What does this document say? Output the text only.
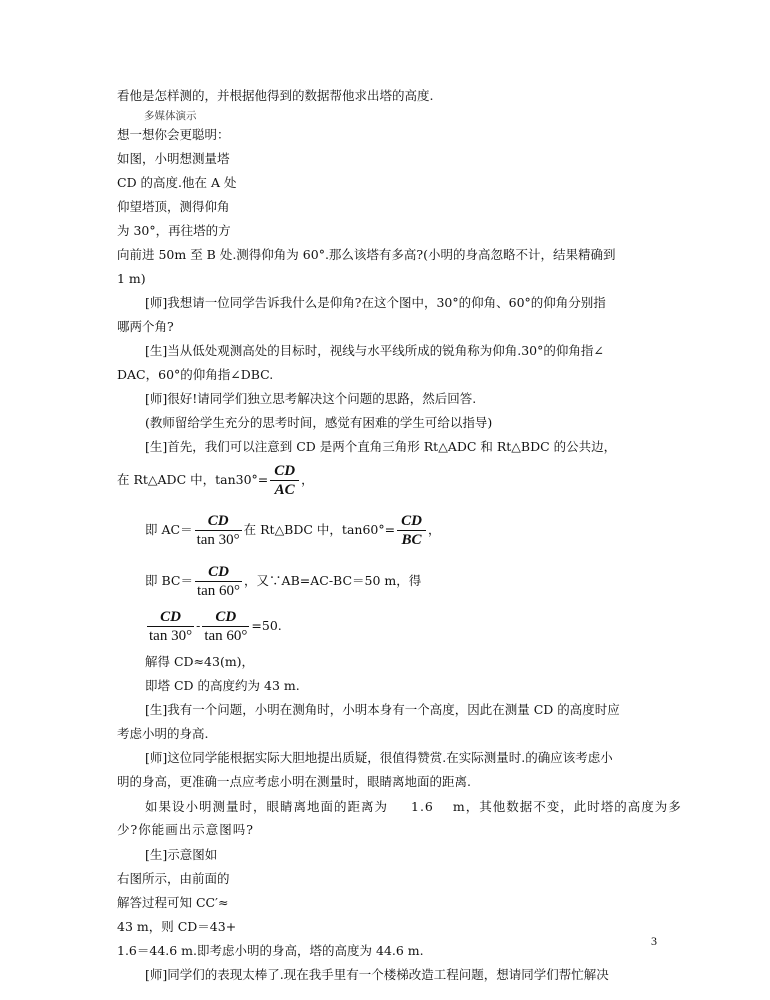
看他是怎样测的，并根据他得到的数据帮他求出塔的高度.
多媒体演示
想一想你会更聪明：
如图，小明想测量塔
CD 的高度.他在 A 处
仰望塔顶，测得仰角
为 30°，再往塔的方
向前进 50m 至 B 处.测得仰角为 60°.那么该塔有多高?(小明的身高忽略不计，结果精确到
1 m)
[师]我想请一位同学告诉我什么是仰角?在这个图中，30°的仰角、60°的仰角分别指
哪两个角?
[生]当从低处观测高处的目标时，视线与水平线所成的锐角称为仰角.30°的仰角指∠
DAC，60°的仰角指∠DBC.
[师]很好!请同学们独立思考解决这个问题的思路，然后回答.
(教师留给学生充分的思考时间，感觉有困难的学生可给以指导)
[生]首先，我们可以注意到 CD 是两个直角三角形 Rt△ADC 和 Rt△BDC 的公共边，
在 Rt△ADC 中，$\tan 30^\circ= \frac{CD}{AC}$ ，
即 $AC= \frac{CD}{\tan 30^\circ}$ 在 Rt△BDC 中，$\tan 60^\circ= \frac{CD}{BC}$ ，
即 $BC= \frac{CD}{\tan 60^\circ}$ ，又∵AB=AC-BC＝50 m，得
$\frac{CD}{\tan 30^\circ} - \frac{CD}{\tan 60^\circ} =50$.
解得 CD≈43(m)，
即塔 CD 的高度约为 43 m.
[生]我有一个问题，小明在测角时，小明本身有一个高度，因此在测量 CD 的高度时应
考虑小明的身高.
[师]这位同学能根据实际大胆地提出质疑，很值得赞赏.在实际测量时.的确应该考虑小
明的身高，更准确一点应考虑小明在测量时，眼睛离地面的距离.
如果设小明测量时，眼睛离地面的距离为 1.6 m，其他数据不变，此时塔的高度为多
少?你能画出示意图吗?
[生]示意图如
右图所示，由前面的
解答过程可知 CC′≈
43 m，则 CD＝43+
1.6＝44.6 m.即考虑小明的身高，塔的高度为 44.6 m.
[师]同学们的表现太棒了.现在我手里有一个楼梯改造工程问题，想请同学们帮忙解决
3
